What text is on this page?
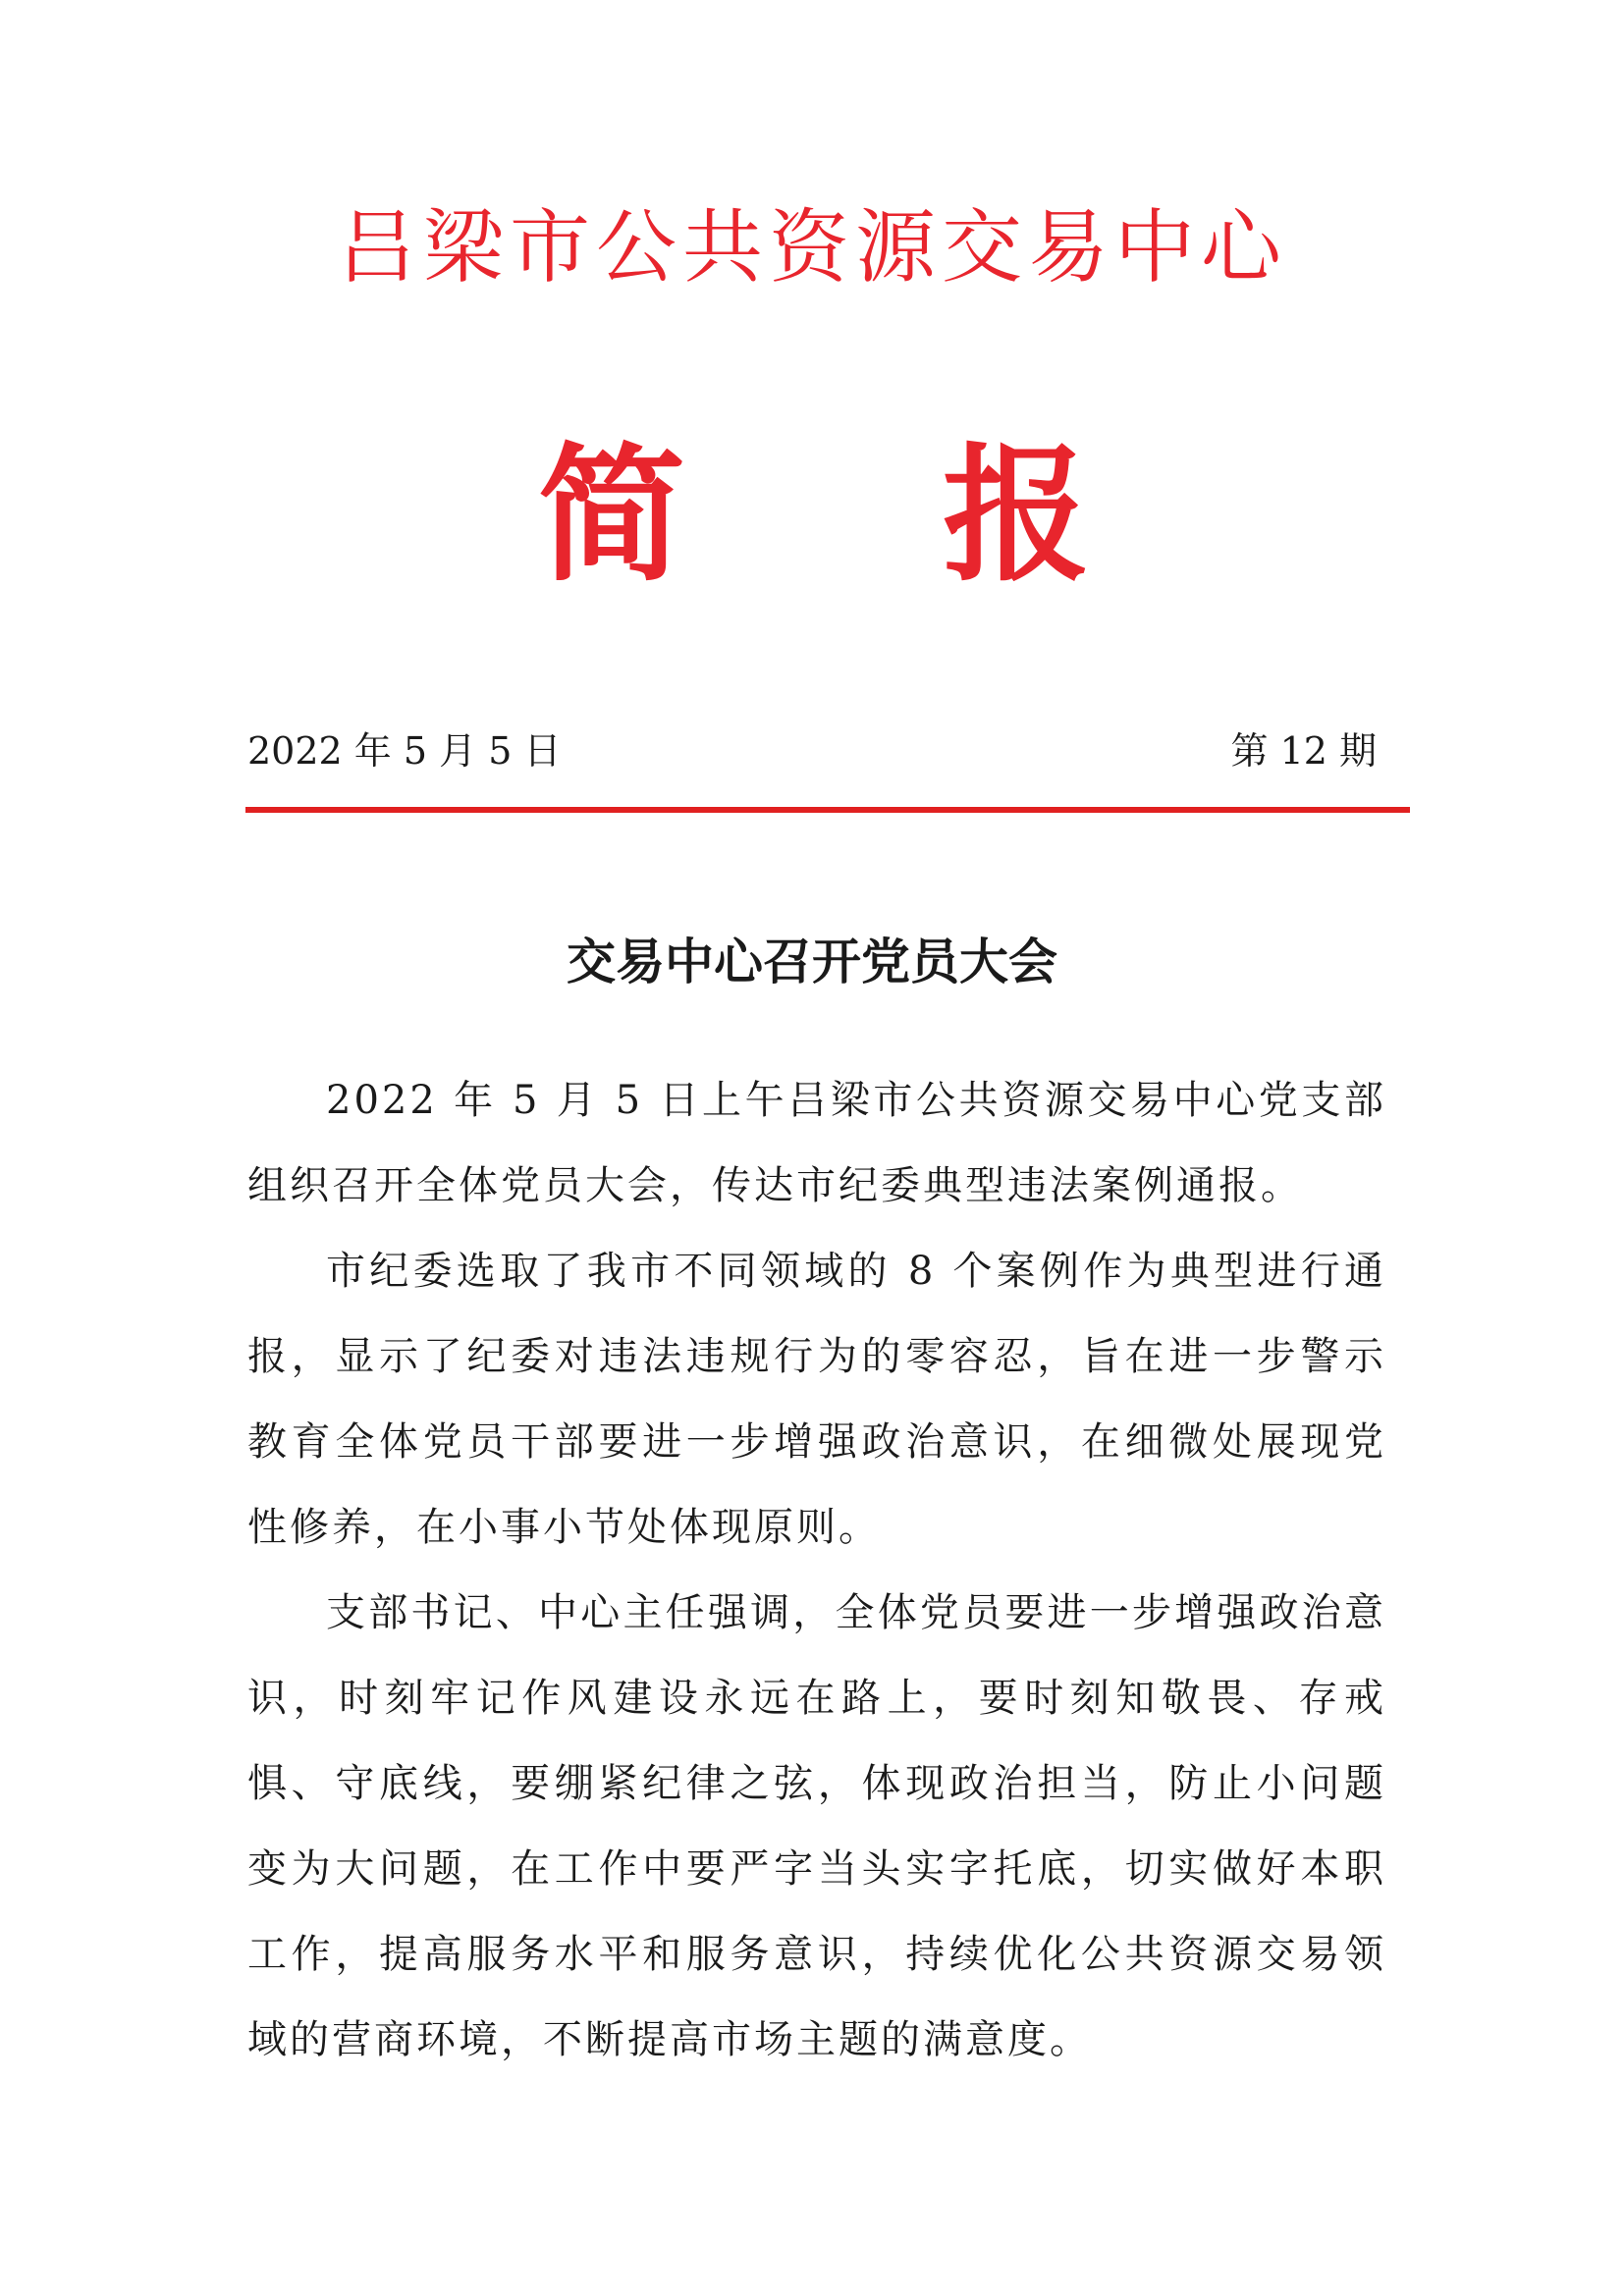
吕梁市公共资源交易中心
简 报
2022 年 5 月 5 日	第 12 期
交易中心召开党员大会

2022 年 5 月 5 日上午吕梁市公共资源交易中心党支部组织召开全体党员大会，传达市纪委典型违法案例通报。

市纪委选取了我市不同领域的 8 个案例作为典型进行通报，显示了纪委对违法违规行为的零容忍，旨在进一步警示教育全体党员干部要进一步增强政治意识，在细微处展现党性修养，在小事小节处体现原则。

支部书记、中心主任强调，全体党员要进一步增强政治意识，时刻牢记作风建设永远在路上，要时刻知敬畏、存戒惧、守底线，要绷紧纪律之弦，体现政治担当，防止小问题变为大问题，在工作中要严字当头实字托底，切实做好本职工作，提高服务水平和服务意识，持续优化公共资源交易领域的营商环境，不断提高市场主题的满意度。
